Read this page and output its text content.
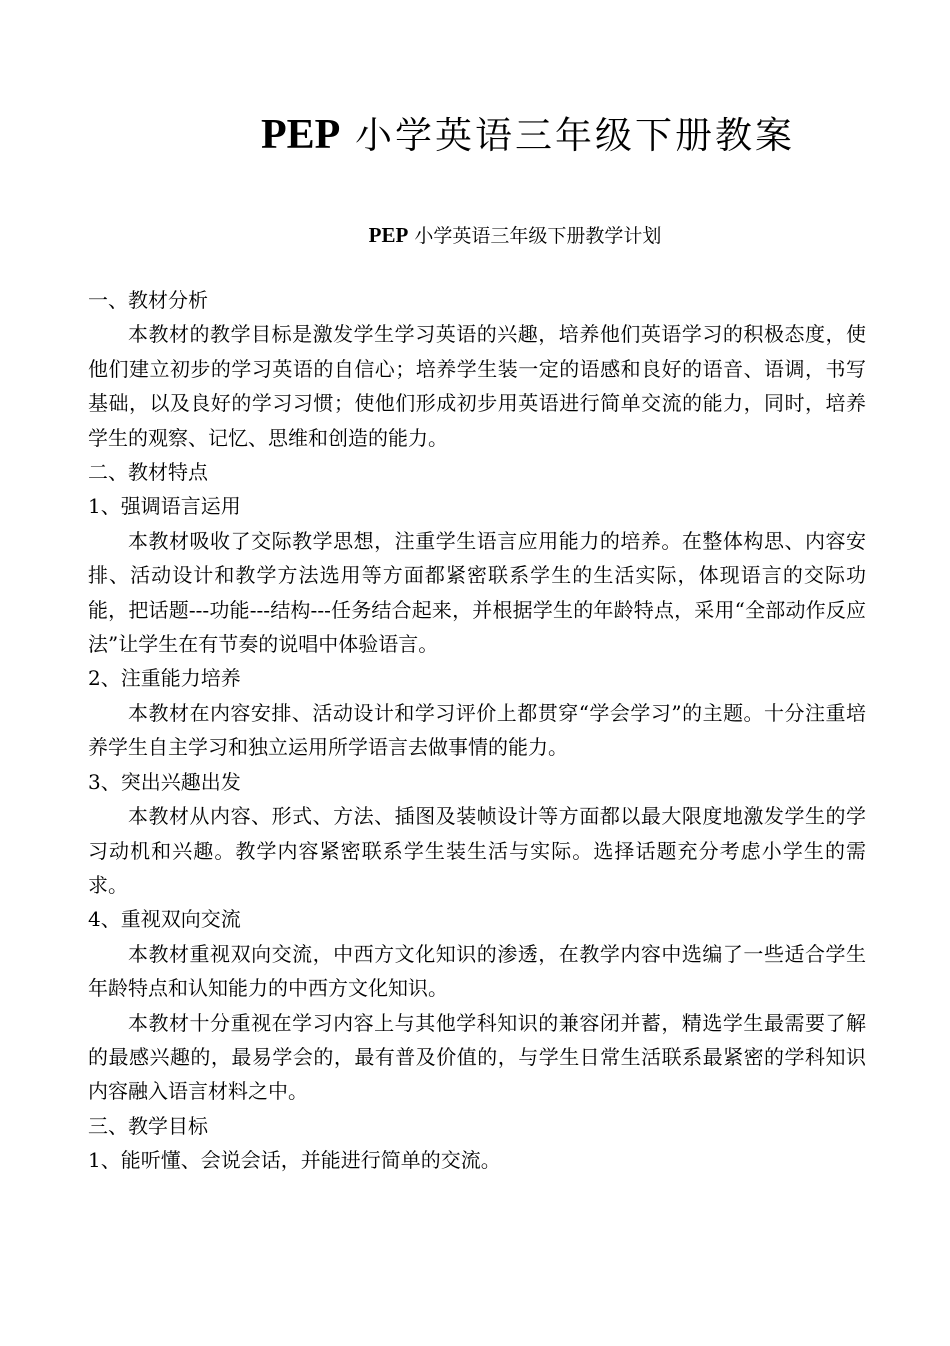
PEP 小学英语三年级下册教案
PEP 小学英语三年级下册教学计划

一、教材分析

本教材的教学目标是激发学生学习英语的兴趣，培养他们英语学习的积极态度，使他们建立初步的学习英语的自信心；培养学生装一定的语感和良好的语音、语调，书写基础，以及良好的学习习惯；使他们形成初步用英语进行简单交流的能力，同时，培养学生的观察、记忆、思维和创造的能力。

二、教材特点

1、强调语言运用

本教材吸收了交际教学思想，注重学生语言应用能力的培养。在整体构思、内容安排、活动设计和教学方法选用等方面都紧密联系学生的生活实际，体现语言的交际功能，把话题---功能---结构---任务结合起来，并根据学生的年龄特点，采用“全部动作反应法”让学生在有节奏的说唱中体验语言。

2、注重能力培养

本教材在内容安排、活动设计和学习评价上都贯穿“学会学习”的主题。十分注重培养学生自主学习和独立运用所学语言去做事情的能力。

3、突出兴趣出发

本教材从内容、形式、方法、插图及装帧设计等方面都以最大限度地激发学生的学习动机和兴趣。教学内容紧密联系学生装生活与实际。选择话题充分考虑小学生的需求。

4、重视双向交流

本教材重视双向交流，中西方文化知识的渗透，在教学内容中选编了一些适合学生年龄特点和认知能力的中西方文化知识。

本教材十分重视在学习内容上与其他学科知识的兼容闭并蓄，精选学生最需要了解的最感兴趣的，最易学会的，最有普及价值的，与学生日常生活联系最紧密的学科知识内容融入语言材料之中。

三、教学目标

1、能听懂、会说会话，并能进行简单的交流。
